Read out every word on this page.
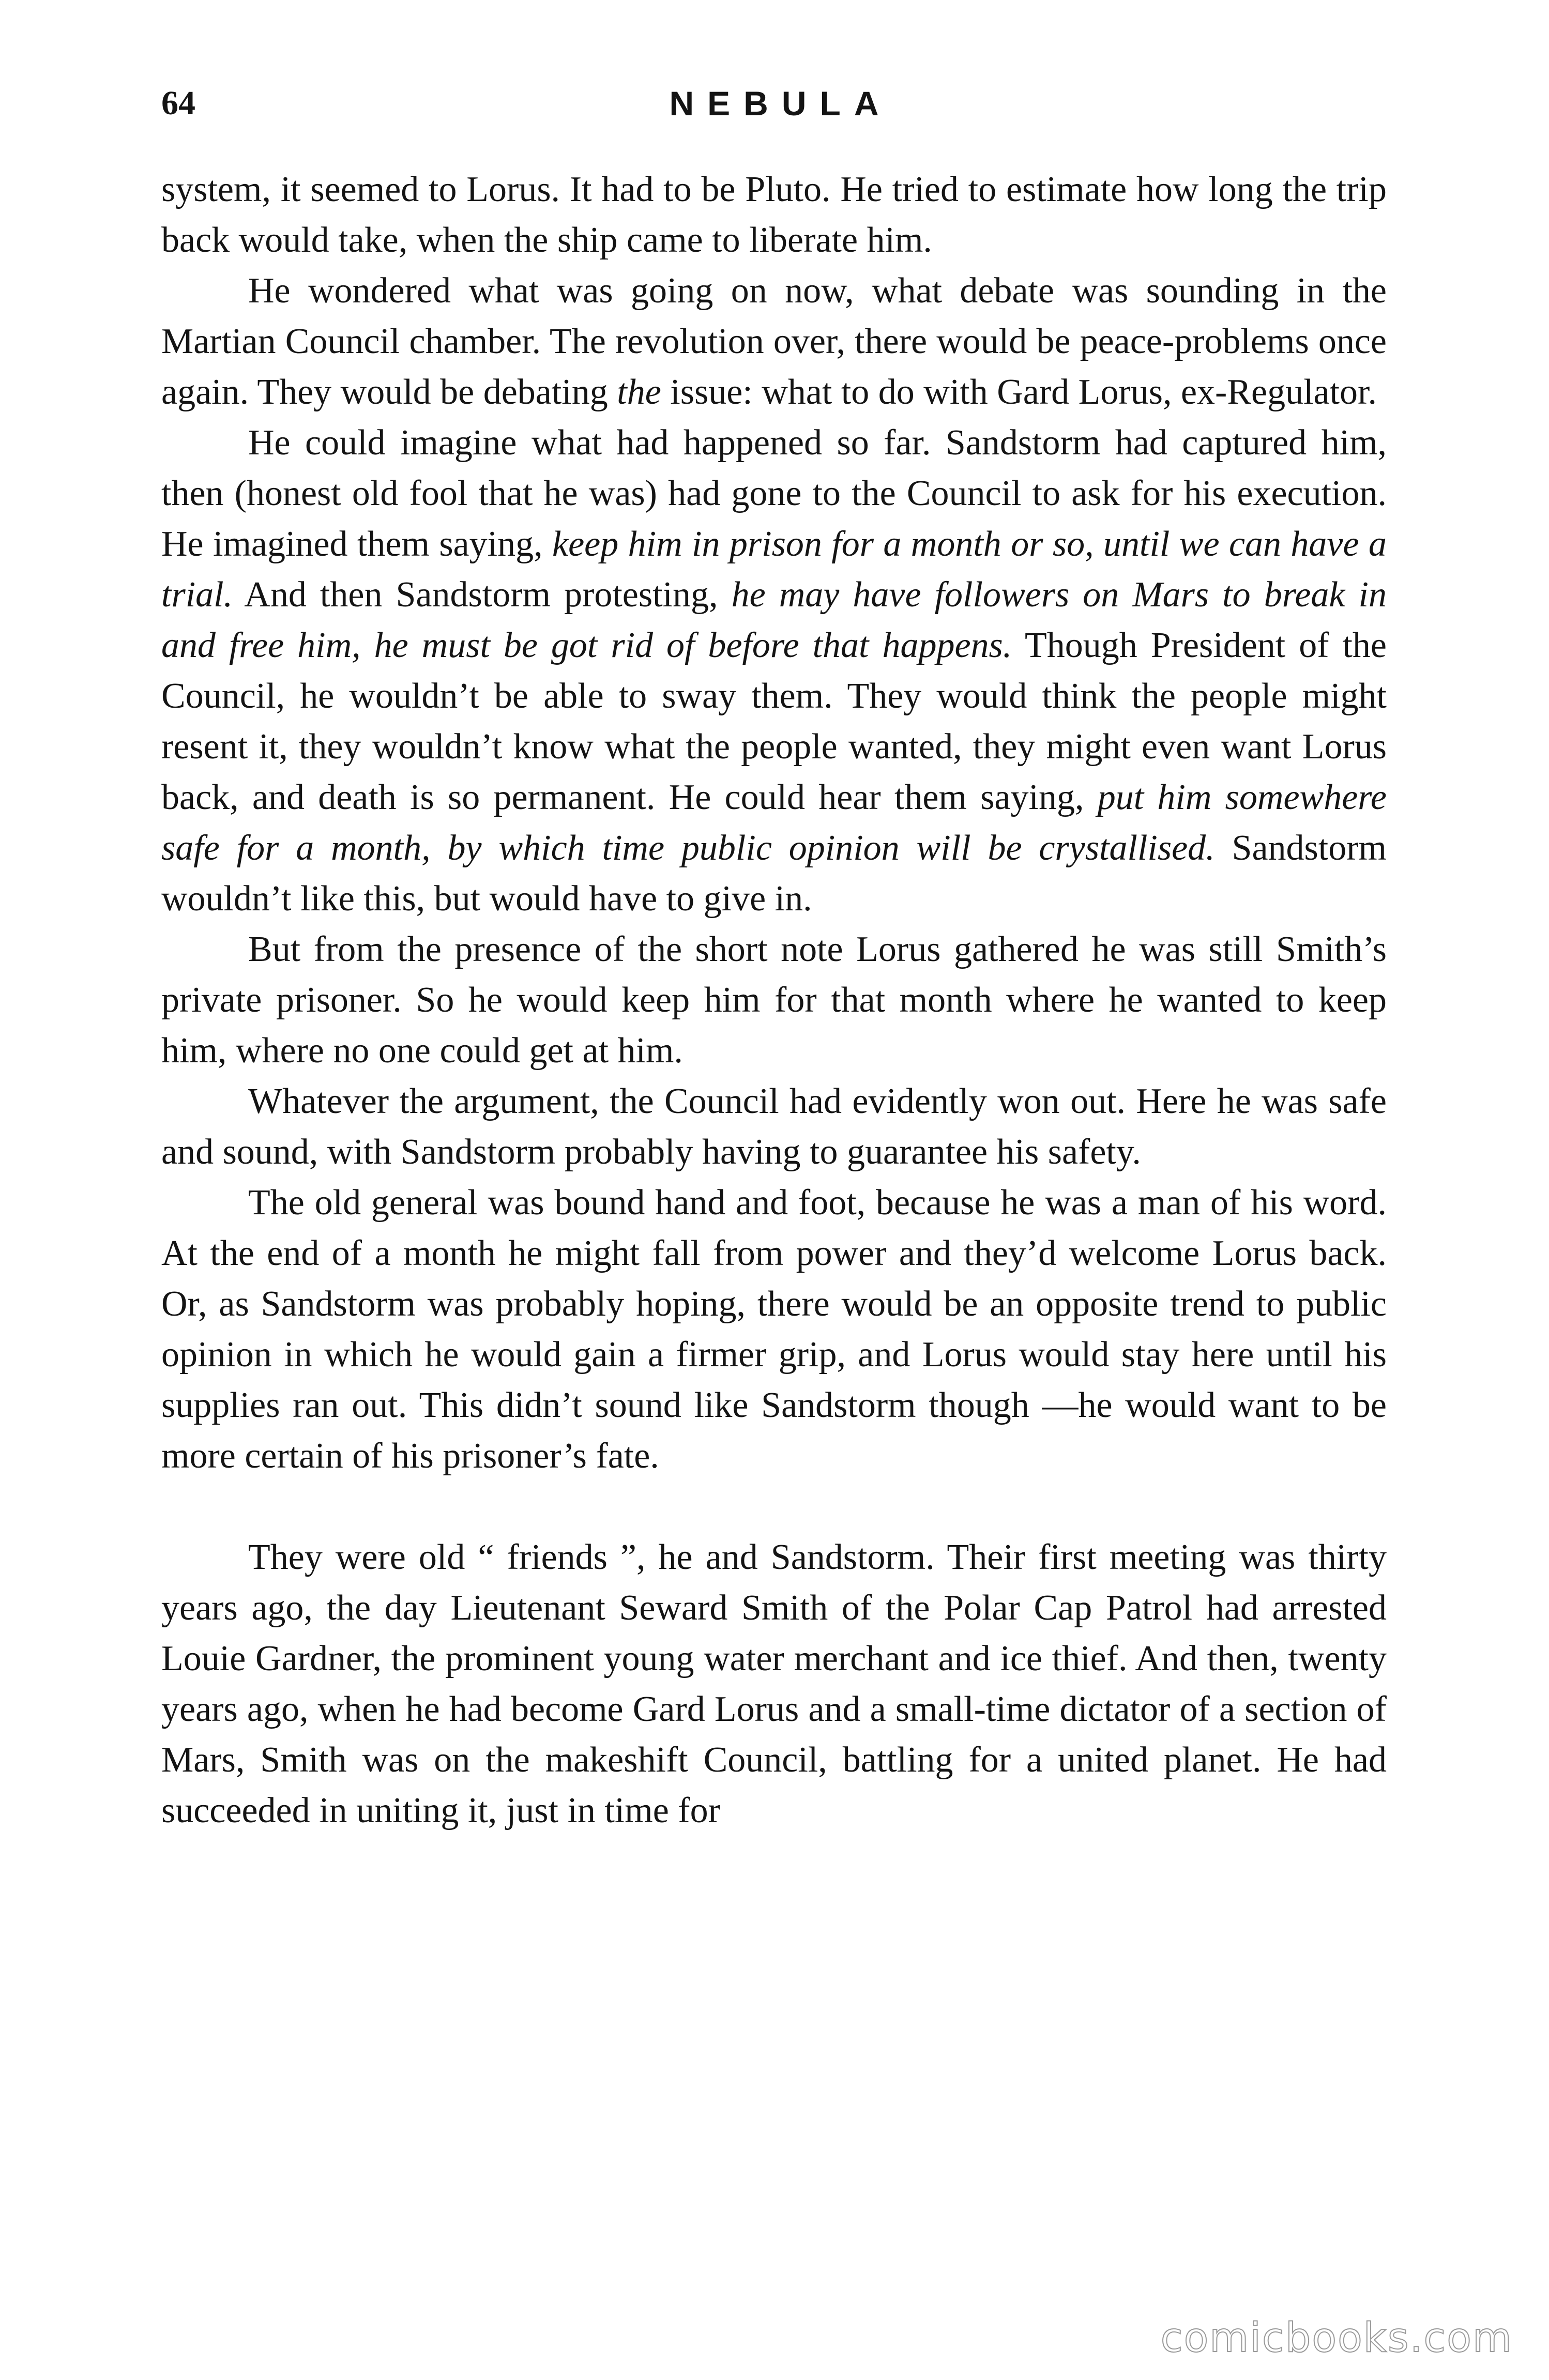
64	NEBULA

system, it seemed to Lorus. It had to be Pluto. He tried to estimate how long the trip back would take, when the ship came to liberate him.

He wondered what was going on now, what debate was sounding in the Martian Council chamber. The revolution over, there would be peace-problems once again. They would be debating the issue: what to do with Gard Lorus, ex-Regulator.

He could imagine what had happened so far. Sandstorm had captured him, then (honest old fool that he was) had gone to the Council to ask for his execution. He imagined them saying, keep him in prison for a month or so, until we can have a trial. And then Sandstorm protesting, he may have followers on Mars to break in and free him, he must be got rid of before that happens. Though President of the Council, he wouldn’t be able to sway them. They would think the people might resent it, they wouldn’t know what the people wanted, they might even want Lorus back, and death is so permanent. He could hear them saying, put him somewhere safe for a month, by which time public opinion will be crystallised. Sandstorm wouldn’t like this, but would have to give in.

But from the presence of the short note Lorus gathered he was still Smith’s private prisoner. So he would keep him for that month where he wanted to keep him, where no one could get at him.

Whatever the argument, the Council had evidently won out. Here he was safe and sound, with Sandstorm probably having to guarantee his safety.

The old general was bound hand and foot, because he was a man of his word. At the end of a month he might fall from power and they’d welcome Lorus back. Or, as Sandstorm was probably hoping, there would be an opposite trend to public opinion in which he would gain a firmer grip, and Lorus would stay here until his supplies ran out. This didn’t sound like Sandstorm though —he would want to be more certain of his prisoner’s fate.

They were old “ friends ”, he and Sandstorm. Their first meeting was thirty years ago, the day Lieutenant Seward Smith of the Polar Cap Patrol had arrested Louie Gardner, the prominent young water merchant and ice thief. And then, twenty years ago, when he had become Gard Lorus and a small-time dictator of a section of Mars, Smith was on the makeshift Council, battling for a united planet. He had succeeded in uniting it, just in time for

comicbooks.com
